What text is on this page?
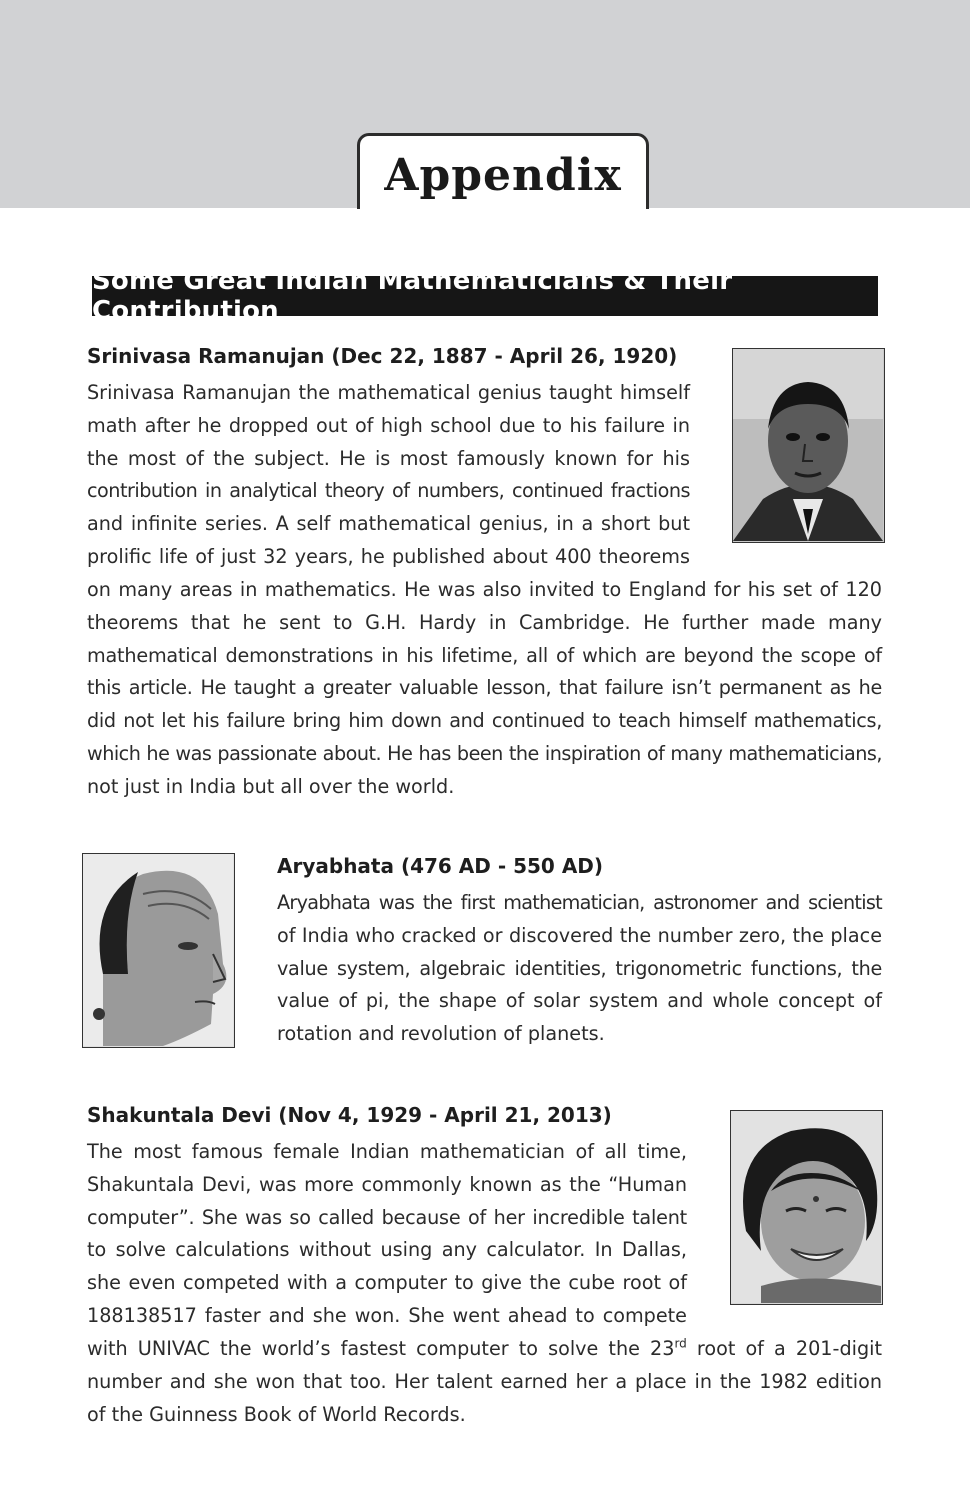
Appendix
Some Great Indian Mathematicians & Their Contribution
Srinivasa Ramanujan (Dec 22, 1887 - April 26, 1920)
Srinivasa Ramanujan the mathematical genius taught himself
math after he dropped out of high school due to his failure in
the most of the subject. He is most famously known for his
contribution in analytical theory of numbers, continued fractions
and infinite series. A self mathematical genius, in a short but
prolific life of just 32 years, he published about 400 theorems
on many areas in mathematics. He was also invited to England for his set of 120
theorems that he sent to G.H. Hardy in Cambridge. He further made many
mathematical demonstrations in his lifetime, all of which are beyond the scope of
this article. He taught a greater valuable lesson, that failure isn’t permanent as he
did not let his failure bring him down and continued to teach himself mathematics,
which he was passionate about. He has been the inspiration of many mathematicians,
not just in India but all over the world.
Aryabhata (476 AD - 550 AD)
Aryabhata was the first mathematician, astronomer and scientist
of India who cracked or discovered the number zero, the place
value system, algebraic identities, trigonometric functions, the
value of pi, the shape of solar system and whole concept of
rotation and revolution of planets.
Shakuntala Devi (Nov 4, 1929 - April 21, 2013)
The most famous female Indian mathematician of all time,
Shakuntala Devi, was more commonly known as the “Human
computer”. She was so called because of her incredible talent
to solve calculations without using any calculator. In Dallas,
she even competed with a computer to give the cube root of
188138517 faster and she won. She went ahead to compete
with UNIVAC the world’s fastest computer to solve the 23rd root of a 201-digit
number and she won that too. Her talent earned her a place in the 1982 edition
of the Guinness Book of World Records.
